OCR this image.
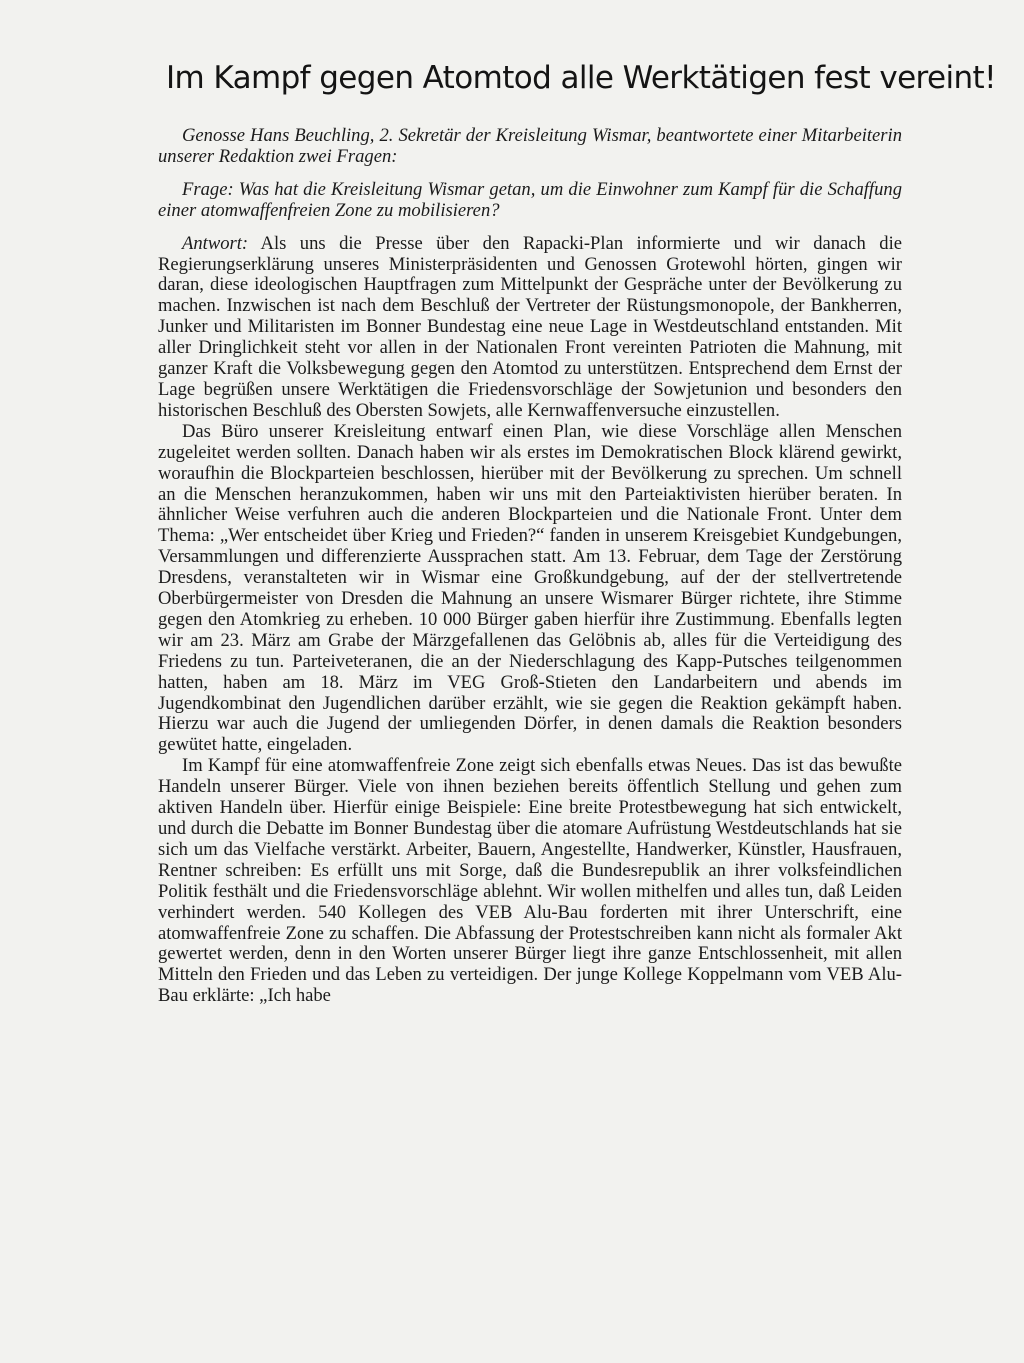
Im Kampf gegen Atomtod alle Werktätigen fest vereint!

Genosse Hans Beuchling, 2. Sekretär der Kreisleitung Wismar, beantwortete einer Mitarbeiterin unserer Redaktion zwei Fragen:

Frage: Was hat die Kreisleitung Wismar getan, um die Einwohner zum Kampf für die Schaffung einer atomwaffenfreien Zone zu mobilisieren?

Antwort: Als uns die Presse über den Rapacki-Plan informierte und wir danach die Regierungserklärung unseres Ministerpräsidenten und Genossen Grotewohl hörten, gingen wir daran, diese ideologischen Hauptfragen zum Mittelpunkt der Gespräche unter der Bevölkerung zu machen. Inzwischen ist nach dem Beschluß der Vertreter der Rüstungsmonopole, der Bankherren, Junker und Militaristen im Bonner Bundestag eine neue Lage in Westdeutschland entstanden. Mit aller Dringlichkeit steht vor allen in der Nationalen Front vereinten Patrioten die Mahnung, mit ganzer Kraft die Volksbewegung gegen den Atomtod zu unterstützen. Entsprechend dem Ernst der Lage begrüßen unsere Werktätigen die Friedensvorschläge der Sowjetunion und besonders den historischen Beschluß des Obersten Sowjets, alle Kernwaffenversuche einzustellen.

Das Büro unserer Kreisleitung entwarf einen Plan, wie diese Vorschläge allen Menschen zugeleitet werden sollten. Danach haben wir als erstes im Demokratischen Block klärend gewirkt, woraufhin die Blockparteien beschlossen, hierüber mit der Bevölkerung zu sprechen. Um schnell an die Menschen heranzukommen, haben wir uns mit den Parteiaktivisten hierüber beraten. In ähnlicher Weise verfuhren auch die anderen Blockparteien und die Nationale Front. Unter dem Thema: „Wer entscheidet über Krieg und Frieden?“ fanden in unserem Kreisgebiet Kundgebungen, Versammlungen und differenzierte Aussprachen statt. Am 13. Februar, dem Tage der Zerstörung Dresdens, veranstalteten wir in Wismar eine Großkundgebung, auf der der stellvertretende Oberbürgermeister von Dresden die Mahnung an unsere Wismarer Bürger richtete, ihre Stimme gegen den Atomkrieg zu erheben. 10 000 Bürger gaben hierfür ihre Zustimmung. Ebenfalls legten wir am 23. März am Grabe der Märzgefallenen das Gelöbnis ab, alles für die Verteidigung des Friedens zu tun. Parteiveteranen, die an der Niederschlagung des Kapp-Putsches teilgenommen hatten, haben am 18. März im VEG Groß-Stieten den Landarbeitern und abends im Jugendkombinat den Jugendlichen darüber erzählt, wie sie gegen die Reaktion gekämpft haben. Hierzu war auch die Jugend der umliegenden Dörfer, in denen damals die Reaktion besonders gewütet hatte, eingeladen.

Im Kampf für eine atomwaffenfreie Zone zeigt sich ebenfalls etwas Neues. Das ist das bewußte Handeln unserer Bürger. Viele von ihnen beziehen bereits öffentlich Stellung und gehen zum aktiven Handeln über. Hierfür einige Beispiele: Eine breite Protestbewegung hat sich entwickelt, und durch die Debatte im Bonner Bundestag über die atomare Aufrüstung Westdeutschlands hat sie sich um das Vielfache verstärkt. Arbeiter, Bauern, Angestellte, Handwerker, Künstler, Hausfrauen, Rentner schreiben: Es erfüllt uns mit Sorge, daß die Bundesrepublik an ihrer volksfeindlichen Politik festhält und die Friedensvorschläge ablehnt. Wir wollen mithelfen und alles tun, daß Leiden verhindert werden. 540 Kollegen des VEB Alu-Bau forderten mit ihrer Unterschrift, eine atomwaffenfreie Zone zu schaffen. Die Abfassung der Protestschreiben kann nicht als formaler Akt gewertet werden, denn in den Worten unserer Bürger liegt ihre ganze Entschlossenheit, mit allen Mitteln den Frieden und das Leben zu verteidigen. Der junge Kollege Koppelmann vom VEB Alu-Bau erklärte: „Ich habe
